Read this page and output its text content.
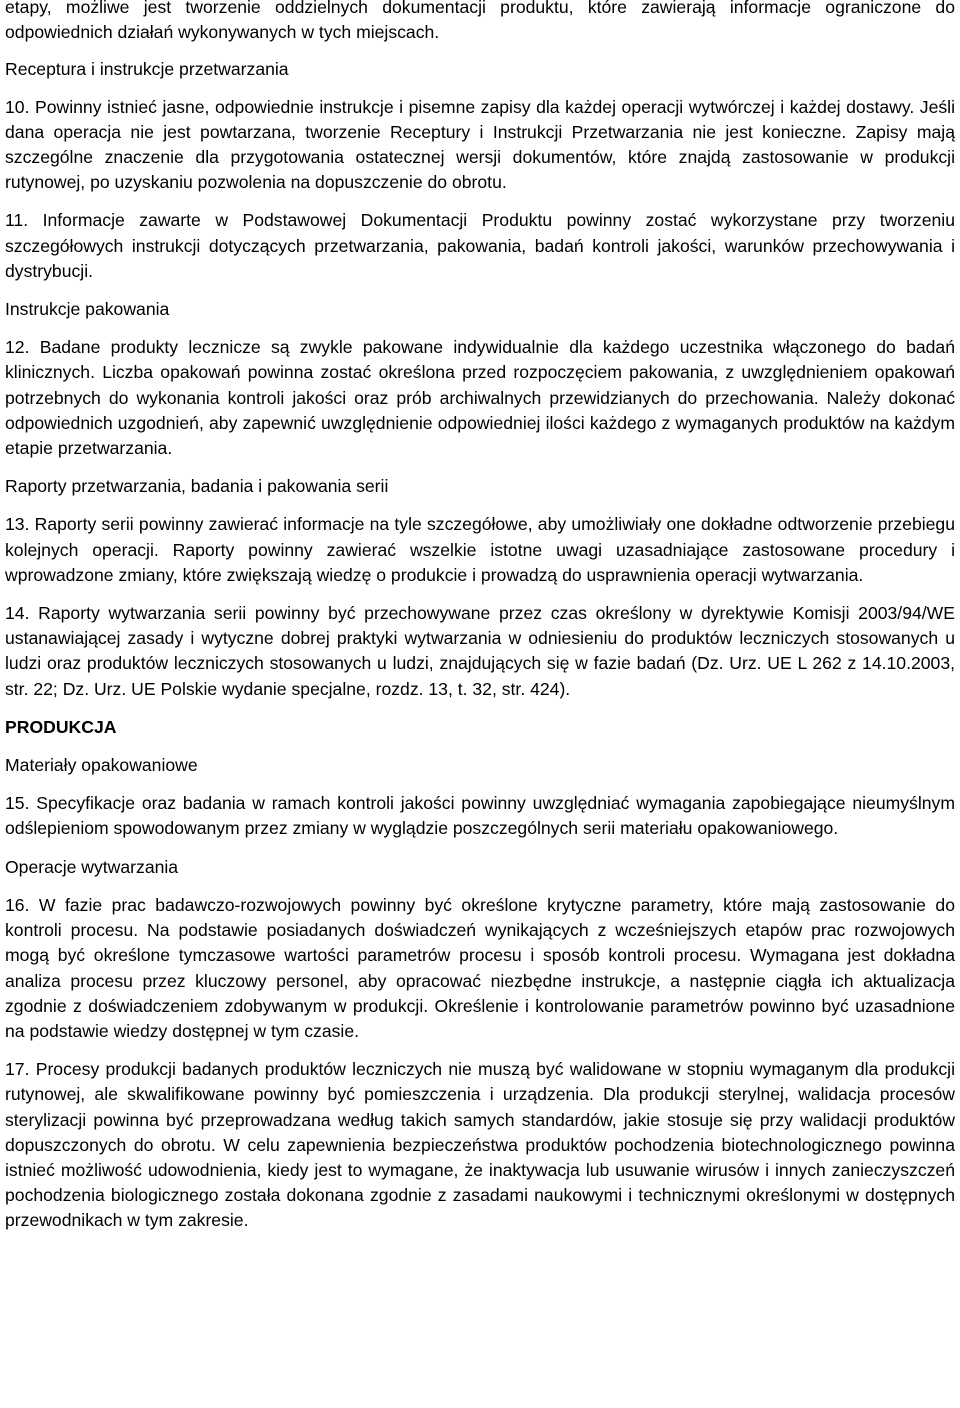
etapy, możliwe jest tworzenie oddzielnych dokumentacji produktu, które zawierają informacje ograniczone do odpowiednich działań wykonywanych w tych miejscach.

Receptura i instrukcje przetwarzania

10. Powinny istnieć jasne, odpowiednie instrukcje i pisemne zapisy dla każdej operacji wytwórczej i każdej dostawy. Jeśli dana operacja nie jest powtarzana, tworzenie Receptury i Instrukcji Przetwarzania nie jest konieczne. Zapisy mają szczególne znaczenie dla przygotowania ostatecznej wersji dokumentów, które znajdą zastosowanie w produkcji rutynowej, po uzyskaniu pozwolenia na dopuszczenie do obrotu.

11. Informacje zawarte w Podstawowej Dokumentacji Produktu powinny zostać wykorzystane przy tworzeniu szczegółowych instrukcji dotyczących przetwarzania, pakowania, badań kontroli jakości, warunków przechowywania i dystrybucji.

Instrukcje pakowania

12. Badane produkty lecznicze są zwykle pakowane indywidualnie dla każdego uczestnika włączonego do badań klinicznych. Liczba opakowań powinna zostać określona przed rozpoczęciem pakowania, z uwzględnieniem opakowań potrzebnych do wykonania kontroli jakości oraz prób archiwalnych przewidzianych do przechowania. Należy dokonać odpowiednich uzgodnień, aby zapewnić uwzględnienie odpowiedniej ilości każdego z wymaganych produktów na każdym etapie przetwarzania.

Raporty przetwarzania, badania i pakowania serii

13. Raporty serii powinny zawierać informacje na tyle szczegółowe, aby umożliwiały one dokładne odtworzenie przebiegu kolejnych operacji. Raporty powinny zawierać wszelkie istotne uwagi uzasadniające zastosowane procedury i wprowadzone zmiany, które zwiększają wiedzę o produkcie i prowadzą do usprawnienia operacji wytwarzania.

14. Raporty wytwarzania serii powinny być przechowywane przez czas określony w dyrektywie Komisji 2003/94/WE ustanawiającej zasady i wytyczne dobrej praktyki wytwarzania w odniesieniu do produktów leczniczych stosowanych u ludzi oraz produktów leczniczych stosowanych u ludzi, znajdujących się w fazie badań (Dz. Urz. UE L 262 z 14.10.2003, str. 22; Dz. Urz. UE Polskie wydanie specjalne, rozdz. 13, t. 32, str. 424).

PRODUKCJA

Materiały opakowaniowe

15. Specyfikacje oraz badania w ramach kontroli jakości powinny uwzględniać wymagania zapobiegające nieumyślnym odślepieniom spowodowanym przez zmiany w wyglądzie poszczególnych serii materiału opakowaniowego.

Operacje wytwarzania

16. W fazie prac badawczo-rozwojowych powinny być określone krytyczne parametry, które mają zastosowanie do kontroli procesu. Na podstawie posiadanych doświadczeń wynikających z wcześniejszych etapów prac rozwojowych mogą być określone tymczasowe wartości parametrów procesu i sposób kontroli procesu. Wymagana jest dokładna analiza procesu przez kluczowy personel, aby opracować niezbędne instrukcje, a następnie ciągła ich aktualizacja zgodnie z doświadczeniem zdobywanym w produkcji. Określenie i kontrolowanie parametrów powinno być uzasadnione na podstawie wiedzy dostępnej w tym czasie.

17. Procesy produkcji badanych produktów leczniczych nie muszą być walidowane w stopniu wymaganym dla produkcji rutynowej, ale skwalifikowane powinny być pomieszczenia i urządzenia. Dla produkcji sterylnej, walidacja procesów sterylizacji powinna być przeprowadzana według takich samych standardów, jakie stosuje się przy walidacji produktów dopuszczonych do obrotu. W celu zapewnienia bezpieczeństwa produktów pochodzenia biotechnologicznego powinna istnieć możliwość udowodnienia, kiedy jest to wymagane, że inaktywacja lub usuwanie wirusów i innych zanieczyszczeń pochodzenia biologicznego została dokonana zgodnie z zasadami naukowymi i technicznymi określonymi w dostępnych przewodnikach w tym zakresie.
